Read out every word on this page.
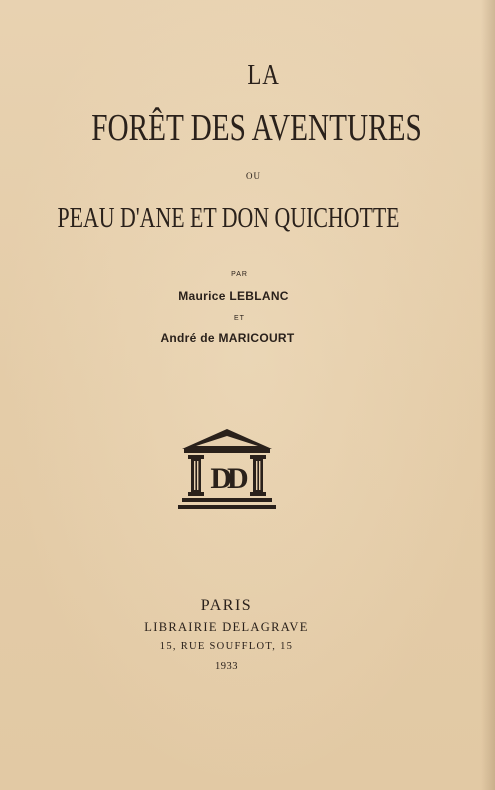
LA

FORÊT DES AVENTURES

OU

PEAU D'ANE ET DON QUICHOTTE

PAR

Maurice LEBLANC

ET

André de MARICOURT

DD

PARIS

LIBRAIRIE DELAGRAVE

15, RUE SOUFFLOT, 15

1933
